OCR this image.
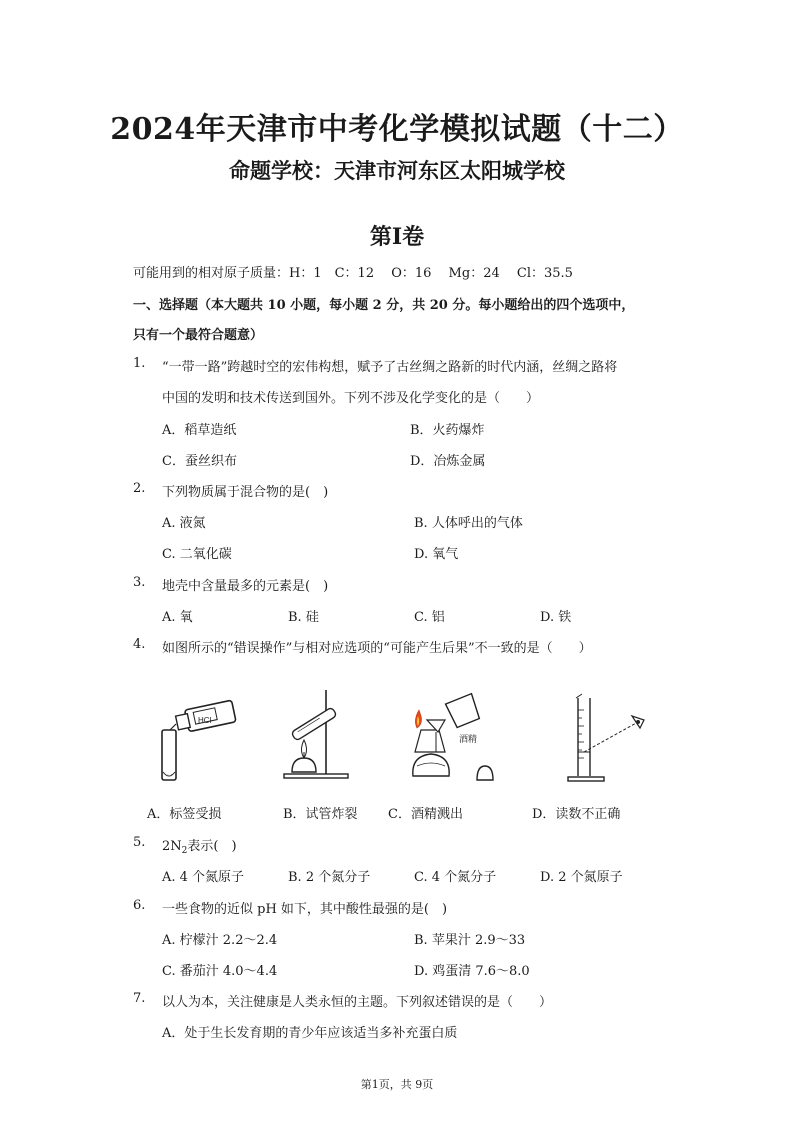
2024年天津市中考化学模拟试题（十二）
命题学校：天津市河东区太阳城学校
第Ⅰ卷
可能用到的相对原子质量：H：1　C：12　 O：16　 Mg：24　 Cl：35.5
一、选择题（本大题共 10 小题，每小题 2 分，共 20 分。每小题给出的四个选项中，
只有一个最符合题意）
1. “一带一路”跨越时空的宏伟构想，赋予了古丝绸之路新的时代内涵，丝绸之路将
中国的发明和技术传送到国外。下列不涉及化学变化的是（　　）
A．稻草造纸	B．火药爆炸
C．蚕丝织布	D．冶炼金属
2. 下列物质属于混合物的是(　)
A. 液氮	B. 人体呼出的气体
C. 二氧化碳	D. 氧气
3. 地壳中含量最多的元素是(　)
A. 氧	B. 硅	C. 铝	D. 铁
4. 如图所示的“错误操作”与相对应选项的“可能产生后果”不一致的是（　　）
· · ·
HCl
酒精
A．标签受损	B．试管炸裂 C．酒精溅出	D．读数不正确
5. $2N_2$表示(　)
A. 4 个氮原子	B. 2 个氮分子	C. 4 个氮分子	D. 2 个氮原子
6. 一些食物的近似 pH 如下，其中酸性最强的是(　)
A. 柠檬汁 2.2～2.4	B. 苹果汁 2.9～33
C. 番茄汁 4.0～4.4	D. 鸡蛋清 7.6～8.0
7. 以人为本，关注健康是人类永恒的主题。下列叙述错误的是（　　）
A．处于生长发育期的青少年应该适当多补充蛋白质
第1页，共 9页
